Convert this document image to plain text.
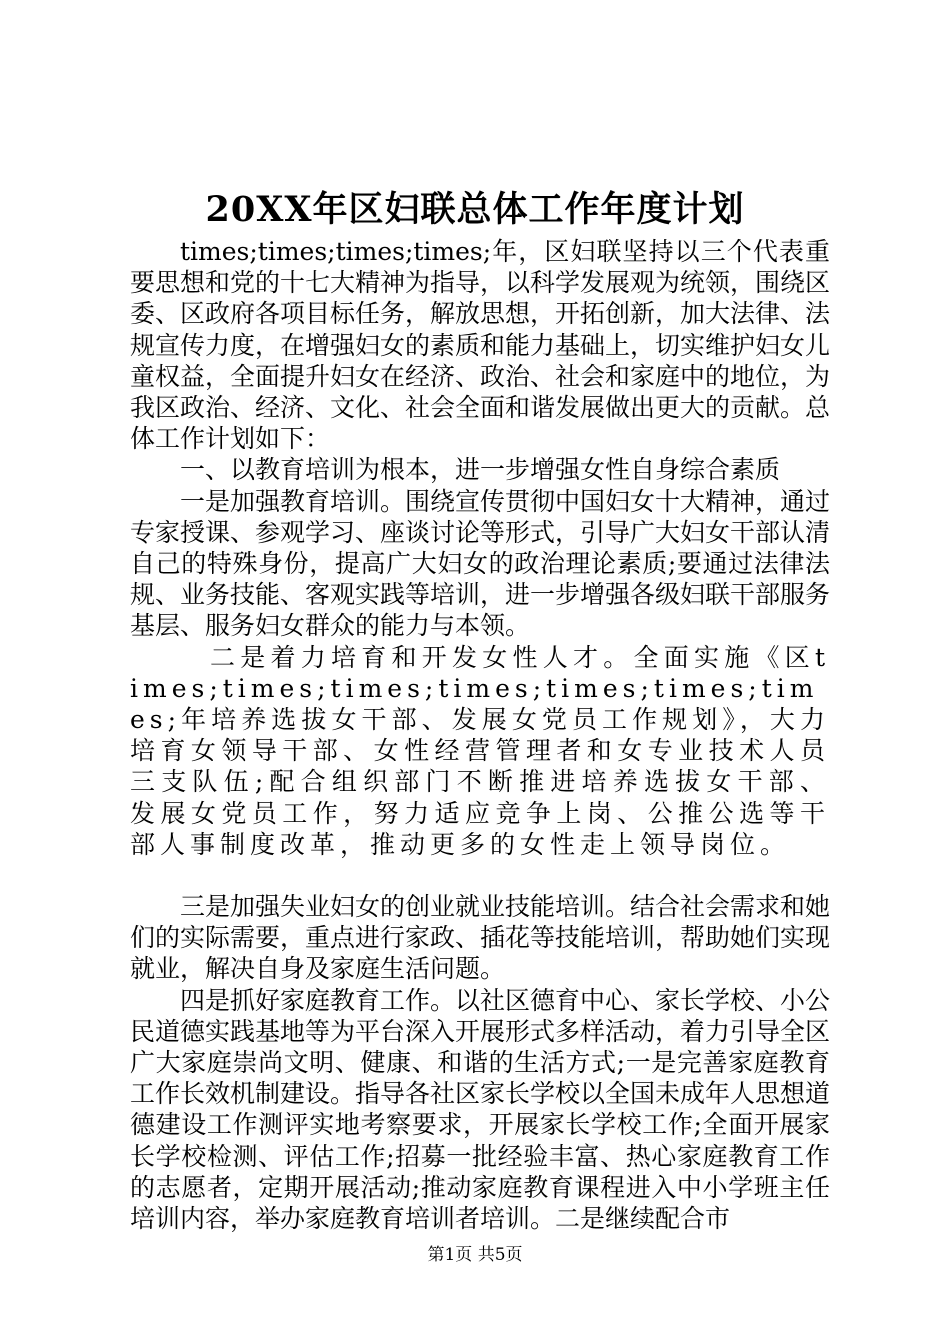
20XX年区妇联总体工作年度计划

times;times;times;times;年，区妇联坚持以三个代表重要思想和党的十七大精神为指导，以科学发展观为统领，围绕区委、区政府各项目标任务，解放思想，开拓创新，加大法律、法规宣传力度，在增强妇女的素质和能力基础上，切实维护妇女儿童权益，全面提升妇女在经济、政治、社会和家庭中的地位，为我区政治、经济、文化、社会全面和谐发展做出更大的贡献。总体工作计划如下：

一、以教育培训为根本，进一步增强女性自身综合素质

一是加强教育培训。围绕宣传贯彻中国妇女十大精神，通过专家授课、参观学习、座谈讨论等形式，引导广大妇女干部认清自己的特殊身份，提高广大妇女的政治理论素质;要通过法律法规、业务技能、客观实践等培训，进一步增强各级妇联干部服务基层、服务妇女群众的能力与本领。

二是着力培育和开发女性人才。全面实施《区times;times;times;times;times;times;times;年培养选拔女干部、发展女党员工作规划》，大力培育女领导干部、女性经营管理者和女专业技术人员三支队伍;配合组织部门不断推进培养选拔女干部、发展女党员工作，努力适应竞争上岗、公推公选等干部人事制度改革，推动更多的女性走上领导岗位。

三是加强失业妇女的创业就业技能培训。结合社会需求和她们的实际需要，重点进行家政、插花等技能培训，帮助她们实现就业，解决自身及家庭生活问题。

四是抓好家庭教育工作。以社区德育中心、家长学校、小公民道德实践基地等为平台深入开展形式多样活动，着力引导全区广大家庭崇尚文明、健康、和谐的生活方式;一是完善家庭教育工作长效机制建设。指导各社区家长学校以全国未成年人思想道德建设工作测评实地考察要求，开展家长学校工作;全面开展家长学校检测、评估工作;招募一批经验丰富、热心家庭教育工作的志愿者，定期开展活动;推动家庭教育课程进入中小学班主任培训内容，举办家庭教育培训者培训。二是继续配合市

第1页 共5页
